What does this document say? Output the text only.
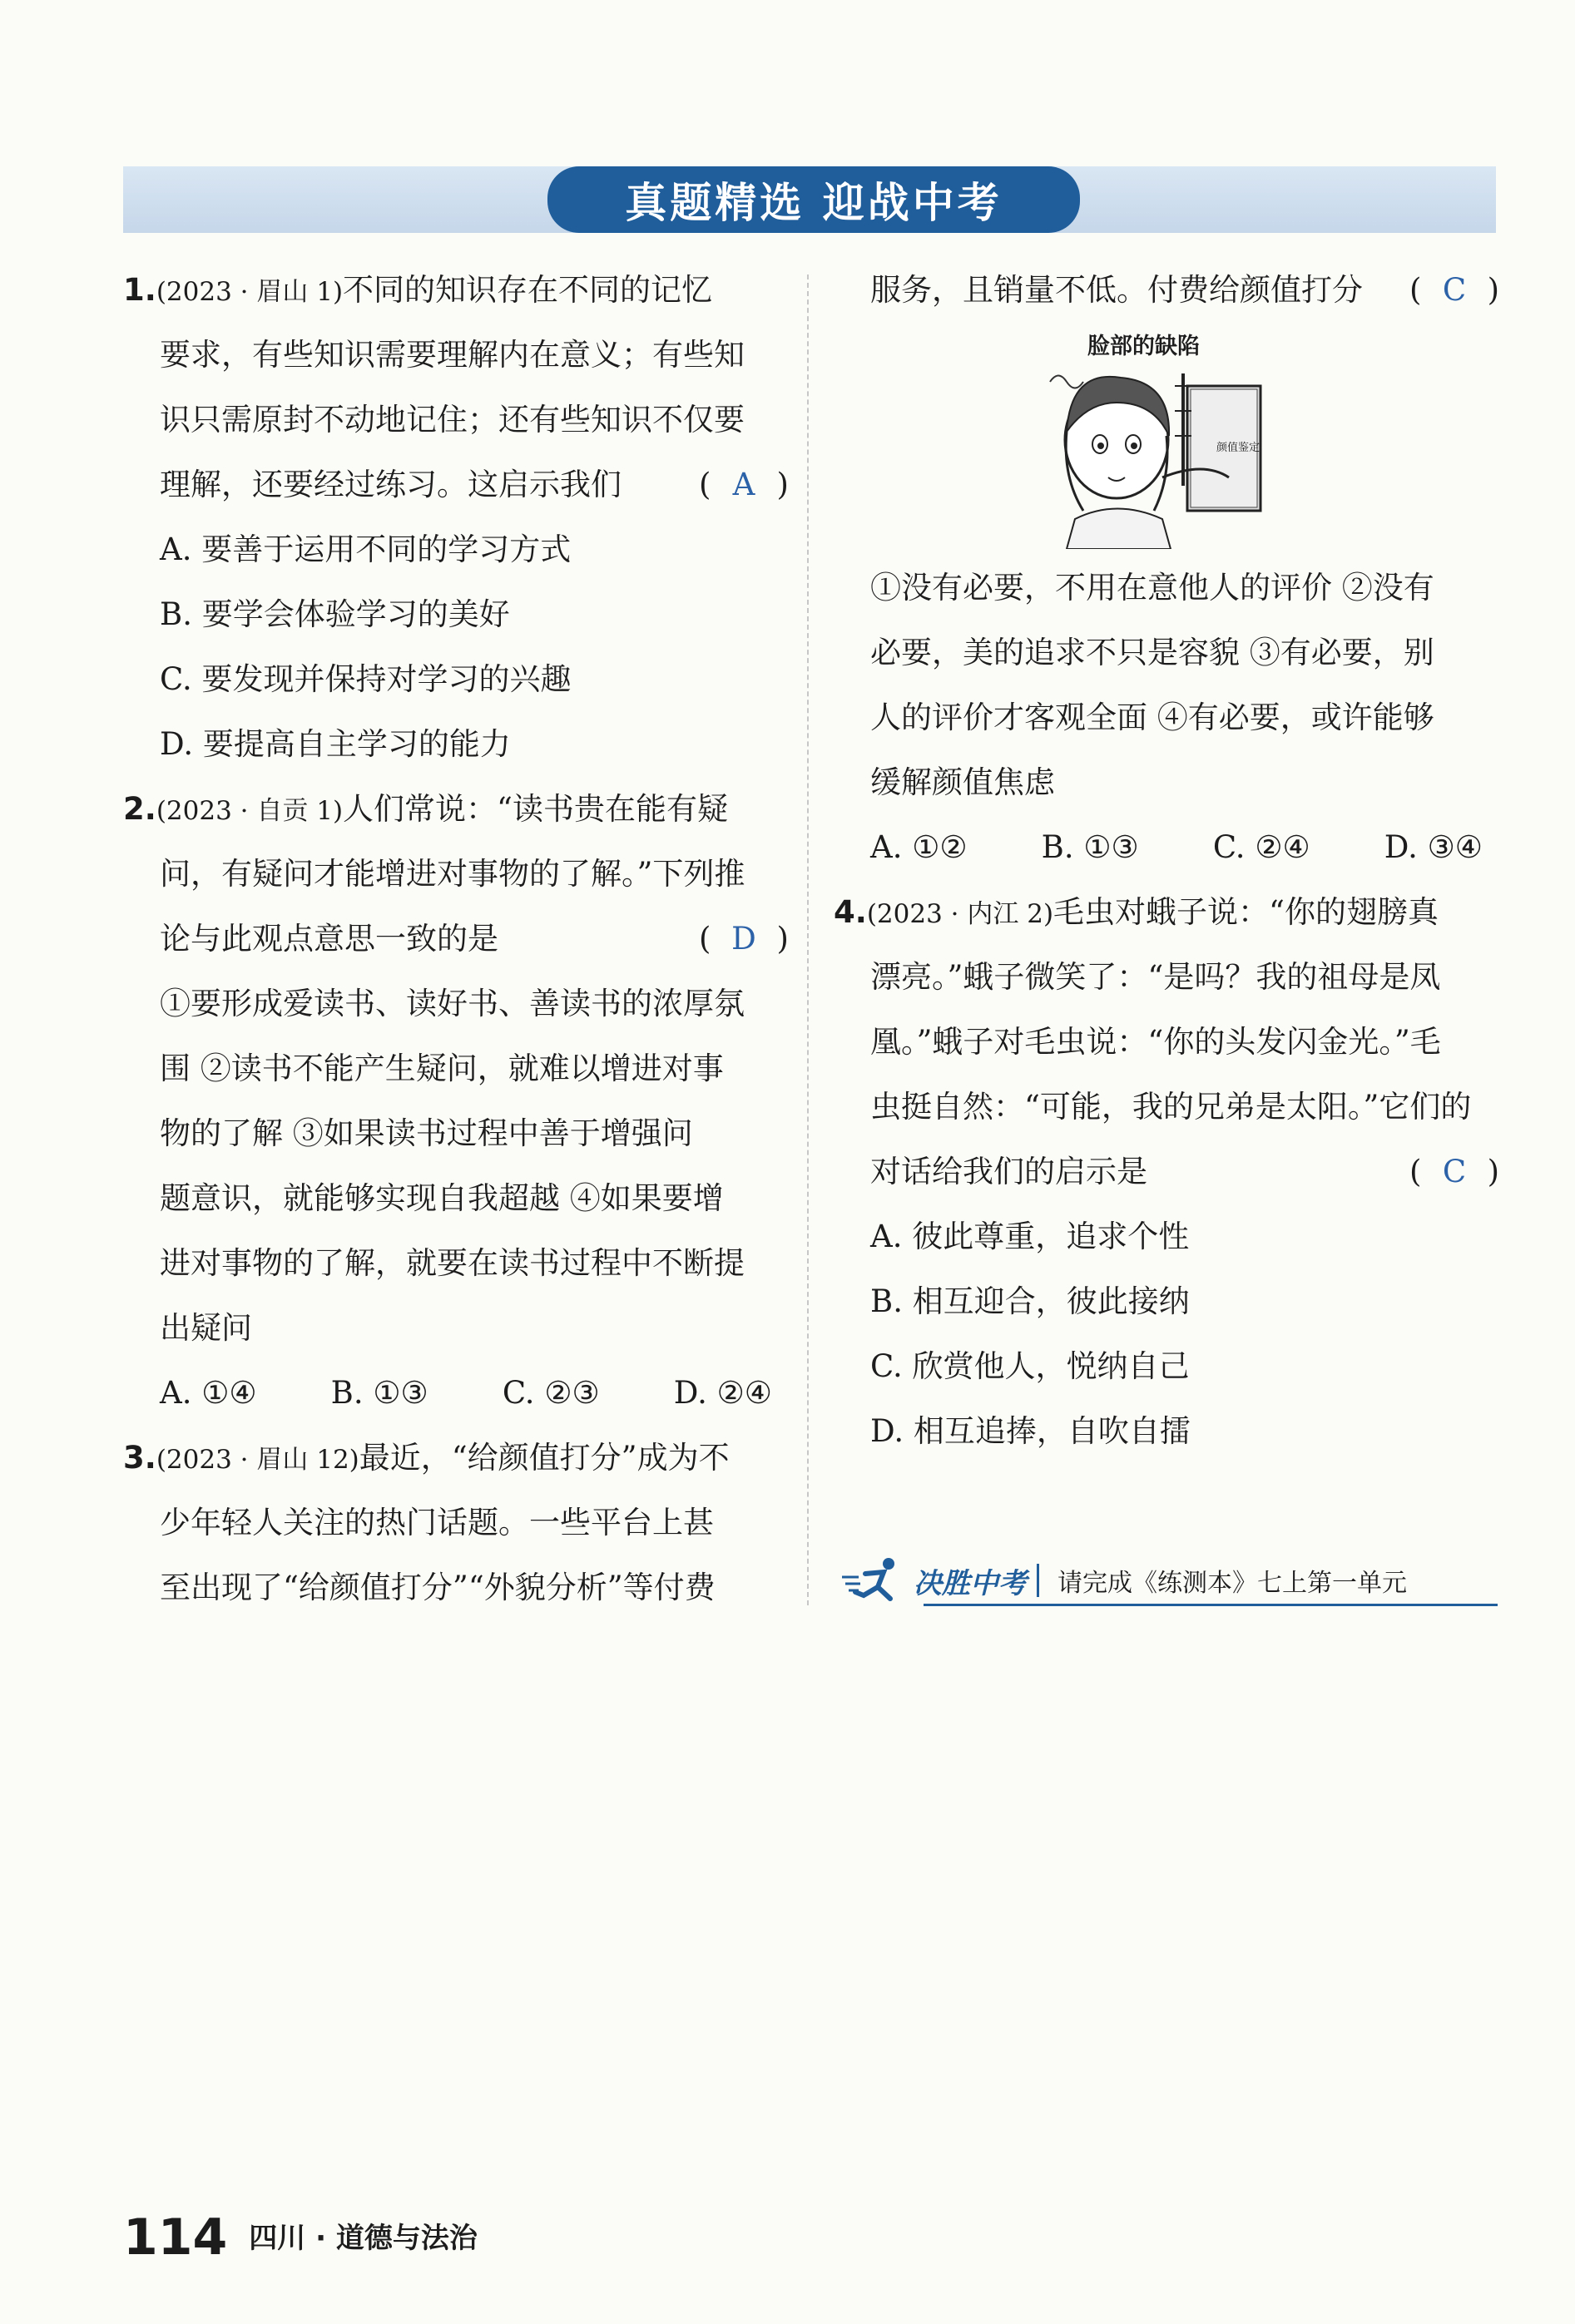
真题精选 迎战中考
1.(2023 · 眉山 1)不同的知识存在不同的记忆
要求，有些知识需要理解内在意义；有些知
识只需原封不动地记住；还有些知识不仅要
理解，还要经过练习。这启示我们	( A )
A. 要善于运用不同的学习方式
B. 要学会体验学习的美好
C. 要发现并保持对学习的兴趣
D. 要提高自主学习的能力
2.(2023 · 自贡 1)人们常说：“读书贵在能有疑
问，有疑问才能增进对事物的了解。”下列推
论与此观点意思一致的是	( D )
①要形成爱读书、读好书、善读书的浓厚氛
围 ②读书不能产生疑问，就难以增进对事
物的了解 ③如果读书过程中善于增强问
题意识，就能够实现自我超越 ④如果要增
进对事物的了解，就要在读书过程中不断提
出疑问
A. ①④ B. ①③ C. ②③ D. ②④
3.(2023 · 眉山 12)最近，“给颜值打分”成为不
少年轻人关注的热门话题。一些平台上甚
至出现了“给颜值打分”“外貌分析”等付费
服务，且销量不低。付费给颜值打分 ( C )
脸部的缺陷
颜值鉴定
①没有必要，不用在意他人的评价 ②没有
必要，美的追求不只是容貌 ③有必要，别
人的评价才客观全面 ④有必要，或许能够
缓解颜值焦虑
A. ①② B. ①③ C. ②④ D. ③④
4.(2023 · 内江 2)毛虫对蛾子说：“你的翅膀真
漂亮。”蛾子微笑了：“是吗？我的祖母是凤
凰。”蛾子对毛虫说：“你的头发闪金光。”毛
虫挺自然：“可能，我的兄弟是太阳。”它们的
对话给我们的启示是	( C )
A. 彼此尊重，追求个性
B. 相互迎合，彼此接纳
C. 欣赏他人，悦纳自己
D. 相互追捧，自吹自擂
决胜中考 请完成《练测本》七上第一单元
114 四川 · 道德与法治
